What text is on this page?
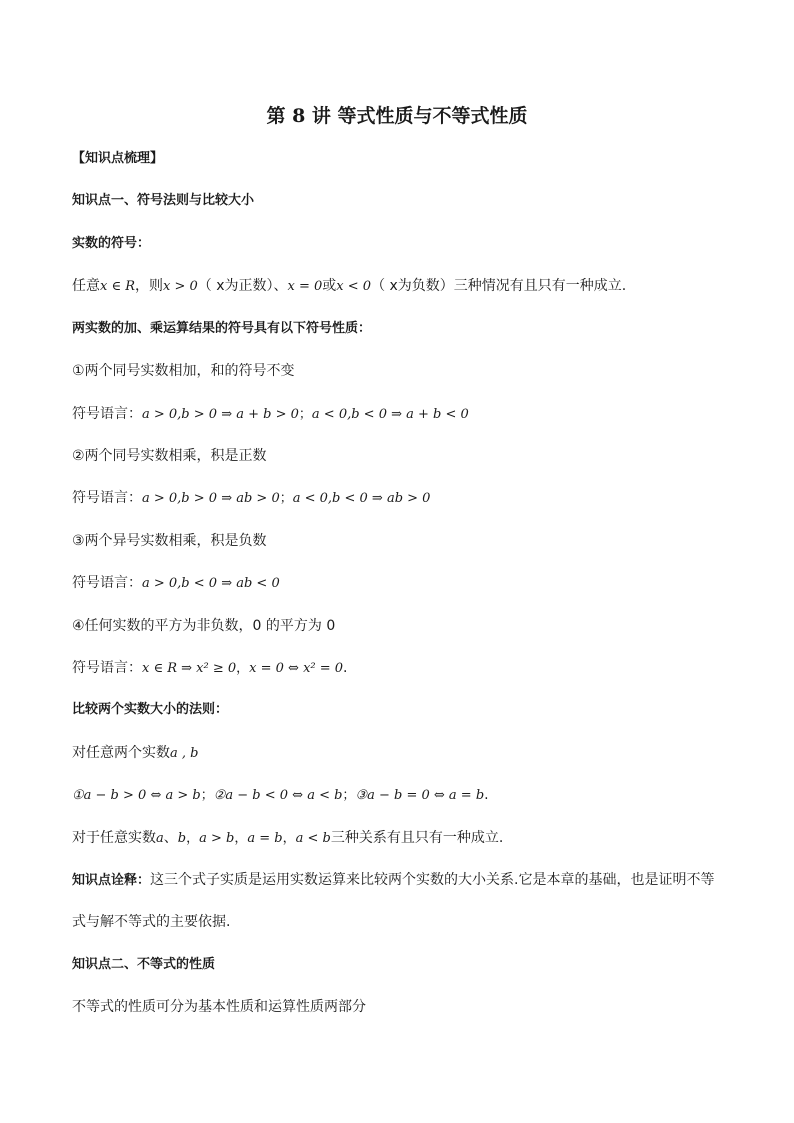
第 8 讲 等式性质与不等式性质
【知识点梳理】
知识点一、符号法则与比较大小
实数的符号：
任意x ∈ R，则x > 0（ x为正数）、x = 0或x < 0（ x为负数）三种情况有且只有一种成立.
两实数的加、乘运算结果的符号具有以下符号性质：
①两个同号实数相加，和的符号不变
符号语言：a > 0,b > 0 ⇒ a + b > 0；a < 0,b < 0 ⇒ a + b < 0
②两个同号实数相乘，积是正数
符号语言：a > 0,b > 0 ⇒ ab > 0；a < 0,b < 0 ⇒ ab > 0
③两个异号实数相乘，积是负数
符号语言：a > 0,b < 0 ⇒ ab < 0
④任何实数的平方为非负数，0 的平方为 0
符号语言：x ∈ R ⇒ x² ≥ 0，x = 0 ⇔ x² = 0.
比较两个实数大小的法则：
对任意两个实数a , b
①a − b > 0 ⇔ a > b；②a − b < 0 ⇔ a < b；③a − b = 0 ⇔ a = b.
对于任意实数a、b，a > b，a = b，a < b三种关系有且只有一种成立.
知识点诠释：这三个式子实质是运用实数运算来比较两个实数的大小关系.它是本章的基础，也是证明不等
式与解不等式的主要依据.
知识点二、不等式的性质
不等式的性质可分为基本性质和运算性质两部分
